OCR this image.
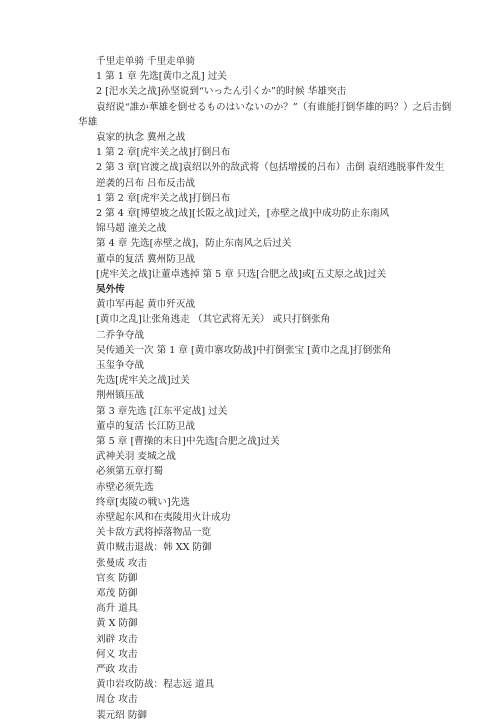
千里走单骑 千里走单骑
1 第 1 章 先选[黄巾之乱] 过关
2 [汜水关之战]孙坚说到“いったん引くか”的时候 华雄突击
袁绍说“誰か華雄を倒せるものはいないのか？”（有谁能打倒华雄的吗？）之后击倒
华雄
袁家的执念 冀州之战
1 第 2 章[虎牢关之战]打倒吕布
2 第 3 章[官渡之战]袁绍以外的敌武将（包括增援的吕布）击倒 袁绍逃脱事件发生
逆袭的吕布 吕布反击战
1 第 2 章[虎牢关之战]打倒吕布
2 第 4 章[博望坡之战][长阪之战]过关，[赤壁之战]中成功防止东南风
锦马超 潼关之战
第 4 章 先选[赤壁之战]，防止东南风之后过关
董卓的复活 冀州防卫战
[虎牢关之战]让董卓逃掉 第 5 章 只选[合肥之战]或[五丈原之战]过关
吴外传
黄巾军再起 黄巾歼灭战
[黄巾之乱]让张角逃走 （其它武将无关） 或只打倒张角
二乔争夺战
吴传通关一次 第 1 章 [黄巾寨攻防战]中打倒张宝 [黄巾之乱]打倒张角
玉玺争夺战
先选[虎牢关之战]过关
荆州镇压战
第 3 章先选 [江东平定战] 过关
董卓的复活 长江防卫战
第 5 章 [曹操的末日]中先选[合肥之战]过关
武神关羽 麦城之战
必须第五章打蜀
赤壁必须先选
终章[夷陵の戦い]先选
赤壁起东风和在夷陵用火计成功
关卡敌方武将掉落物品一览
黄巾贼击退战：韩 XX 防御
张曼成 攻击
官亥 防御
邓茂 防御
高升 道具
黄 X 防御
刘辟 攻击
何义 攻击
严政 攻击
黄巾岩攻防战：程志远 道具
周仓 攻击
裴元绍 防御
